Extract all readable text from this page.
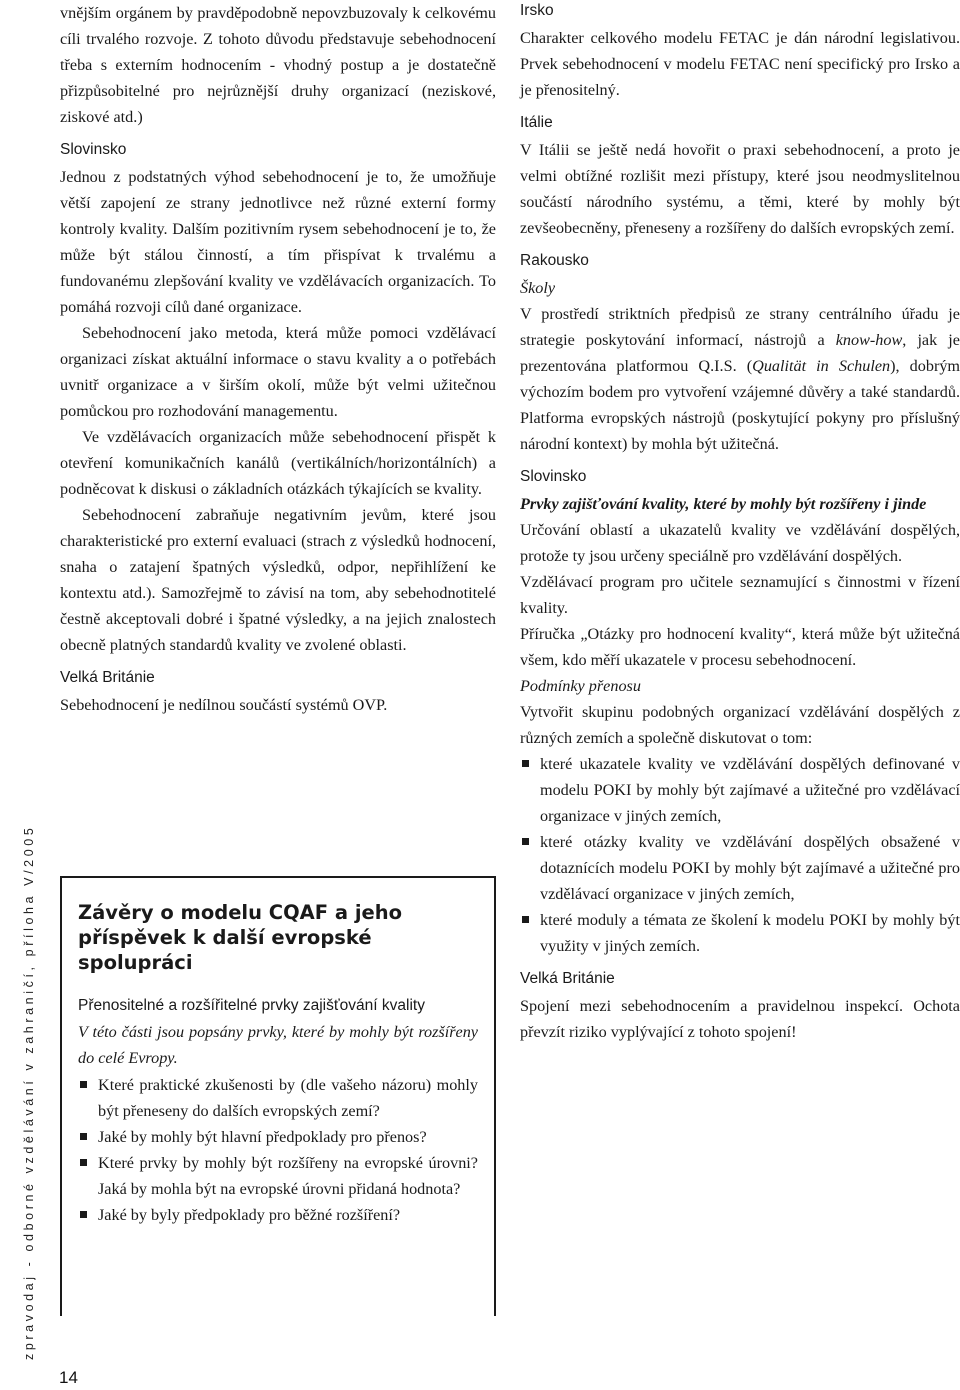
zpravodaj - odborné vzdělávání v zahraničí, příloha V/2005
14

vnějším orgánem by pravděpodobně nepovzbuzovaly k celkovému cíli trvalého rozvoje. Z tohoto důvodu představuje sebehodnocení třeba s externím hodnocením - vhodný postup a je dostatečně přizpůsobitelné pro nejrůznější druhy organizací (neziskové, ziskové atd.)

Slovinsko

Jednou z podstatných výhod sebehodnocení je to, že umožňuje větší zapojení ze strany jednotlivce než různé externí formy kontroly kvality. Dalším pozitivním rysem sebehodnocení je to, že může být stálou činností, a tím přispívat k trvalému a fundovanému zlepšování kvality ve vzdělávacích organizacích. To pomáhá rozvoji cílů dané organizace.

Sebehodnocení jako metoda, která může pomoci vzdělávací organizaci získat aktuální informace o stavu kvality a o potřebách uvnitř organizace a v širším okolí, může být velmi užitečnou pomůckou pro rozhodování managementu.

Ve vzdělávacích organizacích může sebehodnocení přispět k otevření komunikačních kanálů (vertikálních/horizontálních) a podněcovat k diskusi o základních otázkách týkajících se kvality.

Sebehodnocení zabraňuje negativním jevům, které jsou charakteristické pro externí evaluaci (strach z výsledků hodnocení, snaha o zatajení špatných výsledků, odpor, nepřihlížení ke kontextu atd.). Samozřejmě to závisí na tom, aby sebehodnotitelé čestně akceptovali dobré i špatné výsledky, a na jejich znalostech obecně platných standardů kvality ve zvolené oblasti.

Velká Británie

Sebehodnocení je nedílnou součástí systémů OVP.

Závěry o modelu CQAF a jeho příspěvek k další evropské spolupráci

Přenositelné a rozšířitelné prvky zajišťování kvality

V této části jsou popsány prvky, které by mohly být rozšířeny do celé Evropy.

Které praktické zkušenosti by (dle vašeho názoru) mohly být přeneseny do dalších evropských zemí?
Jaké by mohly být hlavní předpoklady pro přenos?
Které prvky by mohly být rozšířeny na evropské úrovni? Jaká by mohla být na evropské úrovni přidaná hodnota?
Jaké by byly předpoklady pro běžné rozšíření?
Irsko

Charakter celkového modelu FETAC je dán národní legislativou. Prvek sebehodnocení v modelu FETAC není specifický pro Irsko a je přenositelný.

Itálie

V Itálii se ještě nedá hovořit o praxi sebehodnocení, a proto je velmi obtížné rozlišit mezi přístupy, které jsou neodmyslitelnou součástí národního systému, a těmi, které by mohly být zevšeobecněny, přeneseny a rozšířeny do dalších evropských zemí.

Rakousko

Školy

V prostředí striktních předpisů ze strany centrálního úřadu je strategie poskytování informací, nástrojů a know-how, jak je prezentována platformou Q.I.S. (Qualität in Schulen), dobrým výchozím bodem pro vytvoření vzájemné důvěry a také standardů. Platforma evropských nástrojů (poskytující pokyny pro příslušný národní kontext) by mohla být užitečná.

Slovinsko

Prvky zajišťování kvality, které by mohly být rozšířeny i jinde

Určování oblastí a ukazatelů kvality ve vzdělávání dospělých, protože ty jsou určeny speciálně pro vzdělávání dospělých.

Vzdělávací program pro učitele seznamující s činnostmi v řízení kvality.

Příručka „Otázky pro hodnocení kvality“, která může být užitečná všem, kdo měří ukazatele v procesu sebehodnocení.

Podmínky přenosu

Vytvořit skupinu podobných organizací vzdělávání dospělých z různých zemích a společně diskutovat o tom:

které ukazatele kvality ve vzdělávání dospělých definované v modelu POKI by mohly být zajímavé a užitečné pro vzdělávací organizace v jiných zemích,
které otázky kvality ve vzdělávání dospělých obsažené v dotaznících modelu POKI by mohly být zajímavé a užitečné pro vzdělávací organizace v jiných zemích,
které moduly a témata ze školení k modelu POKI by mohly být využity v jiných zemích.
Velká Británie

Spojení mezi sebehodnocením a pravidelnou inspekcí. Ochota převzít riziko vyplývající z tohoto spojení!
